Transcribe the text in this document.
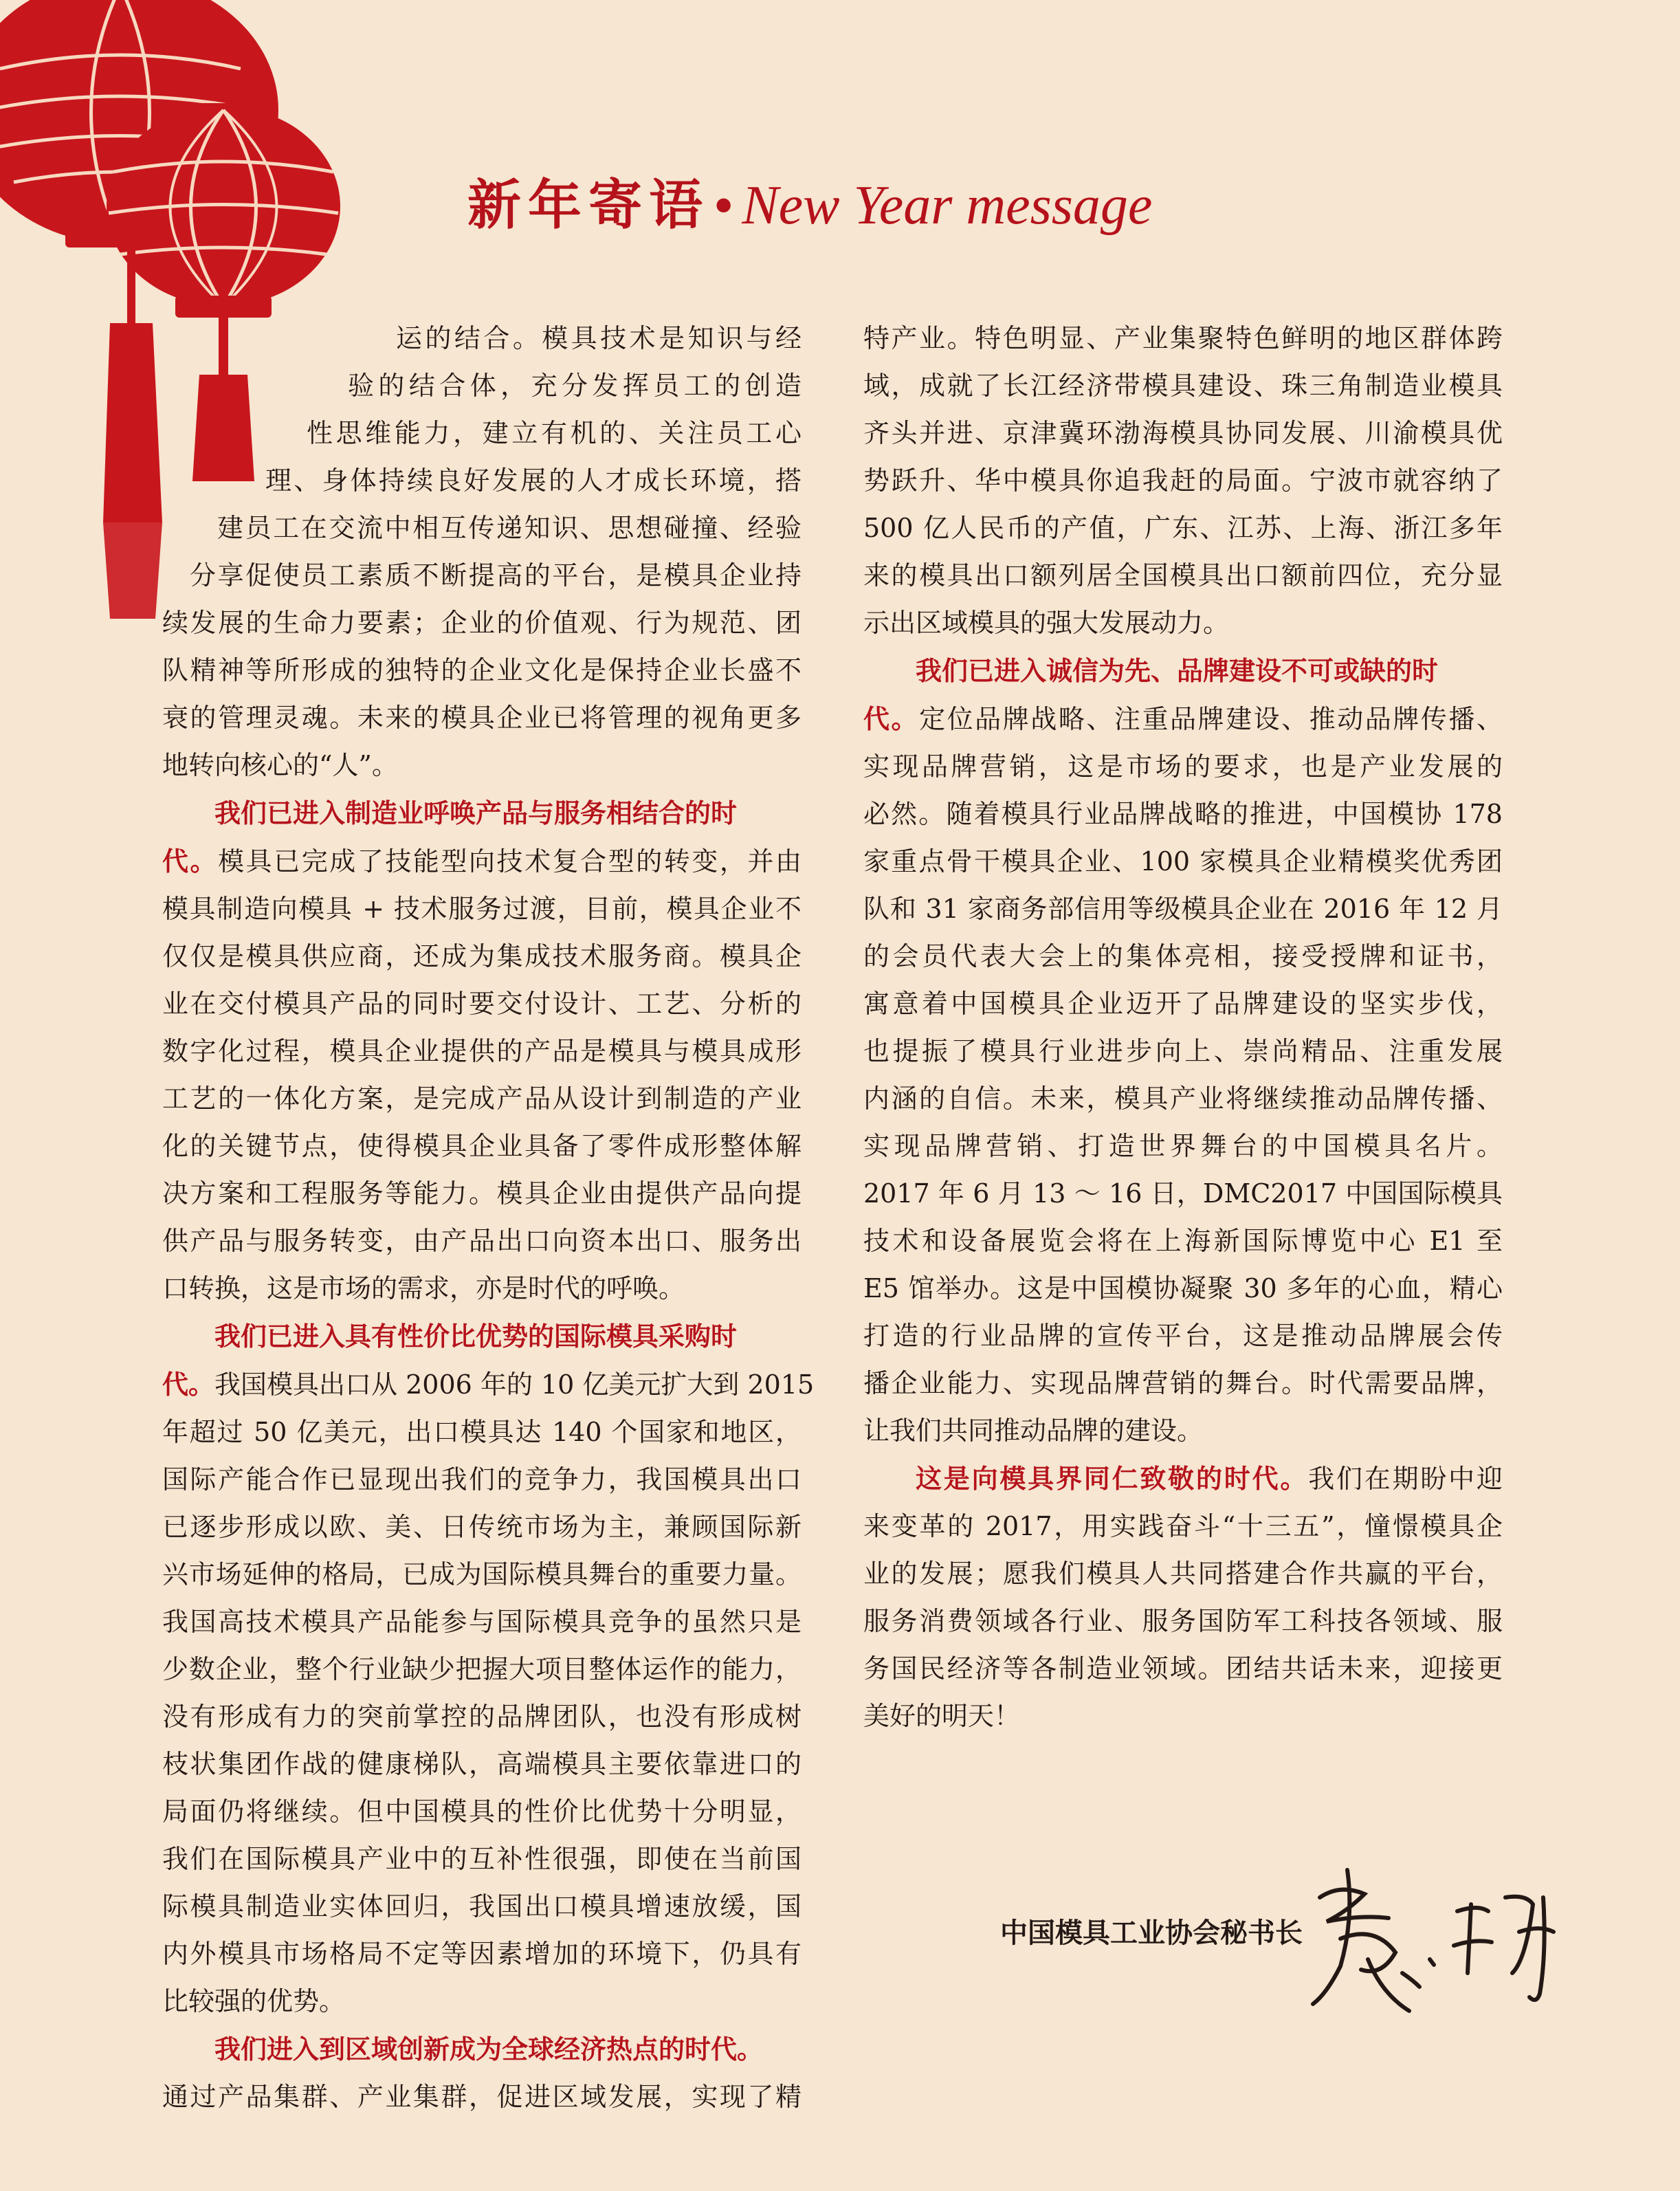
新年寄语 • New Year message
运的结合。模具技术是知识与经
验的结合体，充分发挥员工的创造
性思维能力，建立有机的、关注员工心
理、身体持续良好发展的人才成长环境，搭
建员工在交流中相互传递知识、思想碰撞、经验
分享促使员工素质不断提高的平台，是模具企业持
续发展的生命力要素；企业的价值观、行为规范、团
队精神等所形成的独特的企业文化是保持企业长盛不
衰的管理灵魂。未来的模具企业已将管理的视角更多
地转向核心的“人”。
我们已进入制造业呼唤产品与服务相结合的时
代。模具已完成了技能型向技术复合型的转变，并由
模具制造向模具 + 技术服务过渡，目前，模具企业不
仅仅是模具供应商，还成为集成技术服务商。模具企
业在交付模具产品的同时要交付设计、工艺、分析的
数字化过程，模具企业提供的产品是模具与模具成形
工艺的一体化方案，是完成产品从设计到制造的产业
化的关键节点，使得模具企业具备了零件成形整体解
决方案和工程服务等能力。模具企业由提供产品向提
供产品与服务转变，由产品出口向资本出口、服务出
口转换，这是市场的需求，亦是时代的呼唤。
我们已进入具有性价比优势的国际模具采购时
代。我国模具出口从 2006 年的 10 亿美元扩大到 2015
年超过 50 亿美元，出口模具达 140 个国家和地区，
国际产能合作已显现出我们的竞争力，我国模具出口
已逐步形成以欧、美、日传统市场为主，兼顾国际新
兴市场延伸的格局，已成为国际模具舞台的重要力量。
我国高技术模具产品能参与国际模具竞争的虽然只是
少数企业，整个行业缺少把握大项目整体运作的能力，
没有形成有力的突前掌控的品牌团队，也没有形成树
枝状集团作战的健康梯队，高端模具主要依靠进口的
局面仍将继续。但中国模具的性价比优势十分明显，
我们在国际模具产业中的互补性很强，即使在当前国
际模具制造业实体回归，我国出口模具增速放缓，国
内外模具市场格局不定等因素增加的环境下，仍具有
比较强的优势。
我们进入到区域创新成为全球经济热点的时代。
通过产品集群、产业集群，促进区域发展，实现了精
特产业。特色明显、产业集聚特色鲜明的地区群体跨
域，成就了长江经济带模具建设、珠三角制造业模具
齐头并进、京津冀环渤海模具协同发展、川渝模具优
势跃升、华中模具你追我赶的局面。宁波市就容纳了
500 亿人民币的产值，广东、江苏、上海、浙江多年
来的模具出口额列居全国模具出口额前四位，充分显
示出区域模具的强大发展动力。
我们已进入诚信为先、品牌建设不可或缺的时
代。定位品牌战略、注重品牌建设、推动品牌传播、
实现品牌营销，这是市场的要求，也是产业发展的
必然。随着模具行业品牌战略的推进，中国模协 178
家重点骨干模具企业、100 家模具企业精模奖优秀团
队和 31 家商务部信用等级模具企业在 2016 年 12 月
的会员代表大会上的集体亮相，接受授牌和证书，
寓意着中国模具企业迈开了品牌建设的坚实步伐，
也提振了模具行业进步向上、崇尚精品、注重发展
内涵的自信。未来，模具产业将继续推动品牌传播、
实现品牌营销、打造世界舞台的中国模具名片。
2017 年 6 月 13 ～ 16 日，DMC2017 中国国际模具
技术和设备展览会将在上海新国际博览中心 E1 至
E5 馆举办。这是中国模协凝聚 30 多年的心血，精心
打造的行业品牌的宣传平台，这是推动品牌展会传
播企业能力、实现品牌营销的舞台。时代需要品牌，
让我们共同推动品牌的建设。
这是向模具界同仁致敬的时代。我们在期盼中迎
来变革的 2017，用实践奋斗“十三五”，憧憬模具企
业的发展；愿我们模具人共同搭建合作共赢的平台，
服务消费领域各行业、服务国防军工科技各领域、服
务国民经济等各制造业领域。团结共话未来，迎接更
美好的明天！
中国模具工业协会秘书长
